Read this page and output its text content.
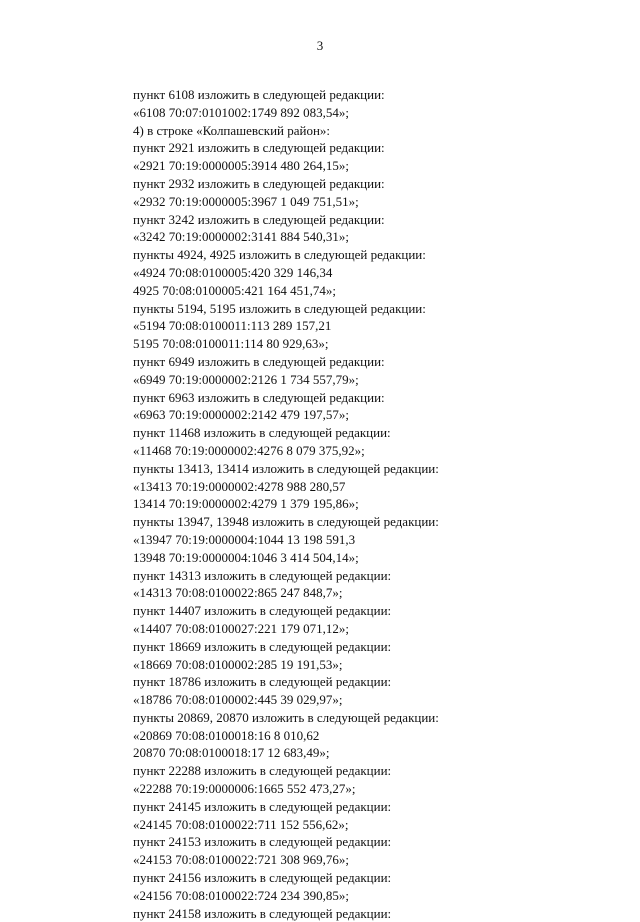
3
пункт 6108 изложить в следующей редакции:
«6108 70:07:0101002:1749 892 083,54»;
4) в строке «Колпашевский район»:
пункт 2921 изложить в следующей редакции:
«2921 70:19:0000005:3914 480 264,15»;
пункт 2932 изложить в следующей редакции:
«2932 70:19:0000005:3967 1 049 751,51»;
пункт 3242 изложить в следующей редакции:
«3242 70:19:0000002:3141 884 540,31»;
пункты 4924, 4925 изложить в следующей редакции:
«4924 70:08:0100005:420 329 146,34
4925 70:08:0100005:421 164 451,74»;
пункты 5194, 5195 изложить в следующей редакции:
«5194 70:08:0100011:113 289 157,21
5195 70:08:0100011:114 80 929,63»;
пункт 6949 изложить в следующей редакции:
«6949 70:19:0000002:2126 1 734 557,79»;
пункт 6963 изложить в следующей редакции:
«6963 70:19:0000002:2142 479 197,57»;
пункт 11468 изложить в следующей редакции:
«11468 70:19:0000002:4276 8 079 375,92»;
пункты 13413, 13414 изложить в следующей редакции:
«13413 70:19:0000002:4278 988 280,57
13414 70:19:0000002:4279 1 379 195,86»;
пункты 13947, 13948 изложить в следующей редакции:
«13947 70:19:0000004:1044 13 198 591,3
13948 70:19:0000004:1046 3 414 504,14»;
пункт 14313 изложить в следующей редакции:
«14313 70:08:0100022:865 247 848,7»;
пункт 14407 изложить в следующей редакции:
«14407 70:08:0100027:221 179 071,12»;
пункт 18669 изложить в следующей редакции:
«18669 70:08:0100002:285 19 191,53»;
пункт 18786 изложить в следующей редакции:
«18786 70:08:0100002:445 39 029,97»;
пункты 20869, 20870 изложить в следующей редакции:
«20869 70:08:0100018:16 8 010,62
20870 70:08:0100018:17 12 683,49»;
пункт 22288 изложить в следующей редакции:
«22288 70:19:0000006:1665 552 473,27»;
пункт 24145 изложить в следующей редакции:
«24145 70:08:0100022:711 152 556,62»;
пункт 24153 изложить в следующей редакции:
«24153 70:08:0100022:721 308 969,76»;
пункт 24156 изложить в следующей редакции:
«24156 70:08:0100022:724 234 390,85»;
пункт 24158 изложить в следующей редакции:
